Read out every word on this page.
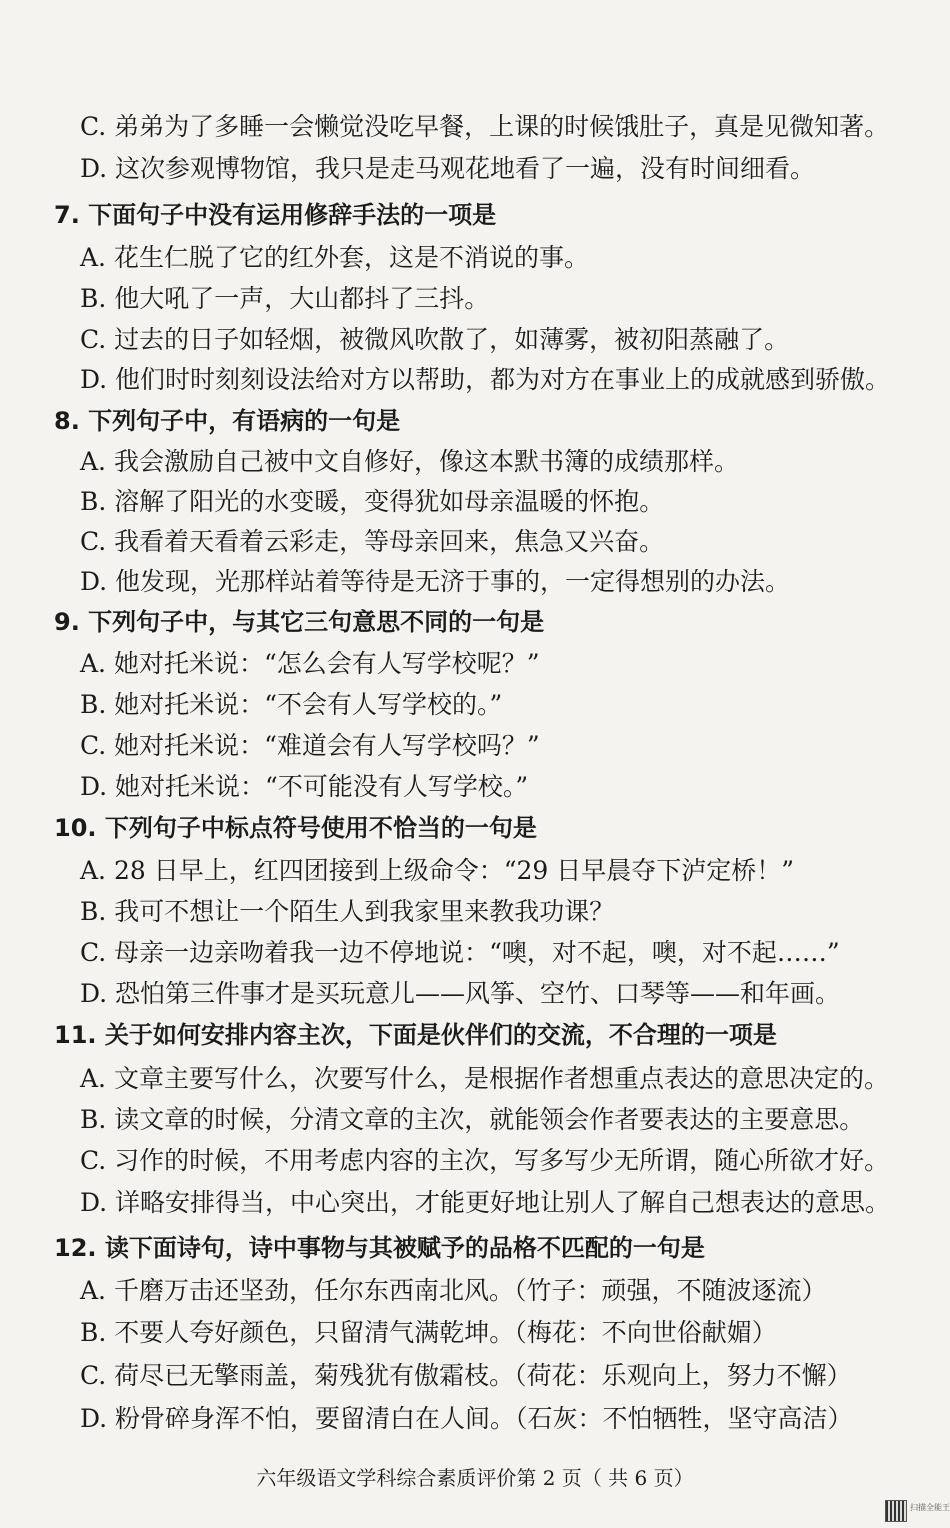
C. 弟弟为了多睡一会懒觉没吃早餐，上课的时候饿肚子，真是见微知著。
D. 这次参观博物馆，我只是走马观花地看了一遍，没有时间细看。
7. 下面句子中没有运用修辞手法的一项是
A. 花生仁脱了它的红外套，这是不消说的事。
B. 他大吼了一声，大山都抖了三抖。
C. 过去的日子如轻烟，被微风吹散了，如薄雾，被初阳蒸融了。
D. 他们时时刻刻设法给对方以帮助，都为对方在事业上的成就感到骄傲。
8. 下列句子中，有语病的一句是
A. 我会激励自己被中文自修好，像这本默书簿的成绩那样。
B. 溶解了阳光的水变暖，变得犹如母亲温暖的怀抱。
C. 我看着天看着云彩走，等母亲回来，焦急又兴奋。
D. 他发现，光那样站着等待是无济于事的，一定得想别的办法。
9. 下列句子中，与其它三句意思不同的一句是
A. 她对托米说：“怎么会有人写学校呢？”
B. 她对托米说：“不会有人写学校的。”
C. 她对托米说：“难道会有人写学校吗？”
D. 她对托米说：“不可能没有人写学校。”
10. 下列句子中标点符号使用不恰当的一句是
A. 28 日早上，红四团接到上级命令：“29 日早晨夺下泸定桥！”
B. 我可不想让一个陌生人到我家里来教我功课？
C. 母亲一边亲吻着我一边不停地说：“噢，对不起，噢，对不起……”
D. 恐怕第三件事才是买玩意儿——风筝、空竹、口琴等——和年画。
11. 关于如何安排内容主次，下面是伙伴们的交流，不合理的一项是
A. 文章主要写什么，次要写什么，是根据作者想重点表达的意思决定的。
B. 读文章的时候，分清文章的主次，就能领会作者要表达的主要意思。
C. 习作的时候，不用考虑内容的主次，写多写少无所谓，随心所欲才好。
D. 详略安排得当，中心突出，才能更好地让别人了解自己想表达的意思。
12. 读下面诗句，诗中事物与其被赋予的品格不匹配的一句是
A. 千磨万击还坚劲，任尔东西南北风。（竹子：顽强，不随波逐流）
B. 不要人夸好颜色，只留清气满乾坤。（梅花：不向世俗献媚）
C. 荷尽已无擎雨盖，菊残犹有傲霜枝。（荷花：乐观向上，努力不懈）
D. 粉骨碎身浑不怕，要留清白在人间。（石灰：不怕牺牲，坚守高洁）
六年级语文学科综合素质评价第 2 页（ 共 6 页）
扫描全能王
